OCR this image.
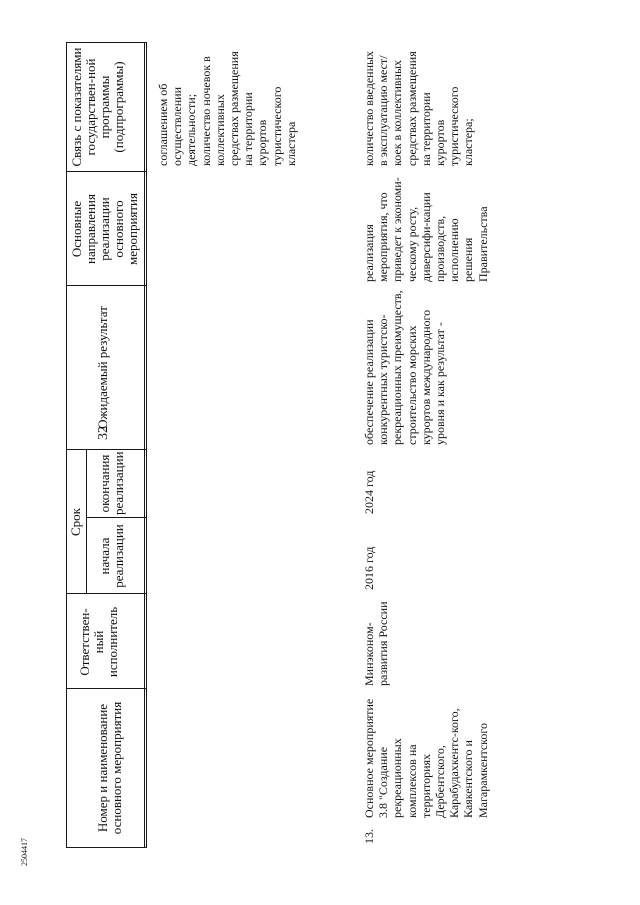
32
2504417
Номер и наименование основного мероприятия
Ответствен-ный исполнитель
Срок
начала реализации
окончания реализации
Ожидаемый результат
Основные направления реализации основного мероприятия
Связь с показателями государствен-ной программы (подпрограммы)	соглашением об осуществлении деятельности; количество ночевок в коллективных средствах размещения на территории курортов туристического кластера
13.
Основное мероприятие 3.8 "Создание рекреационных комплексов на территориях Дербентского, Карабудахкентс-кого, Каякентского и Магарамкентского
Минэконом-развития России
2016 год
2024 год
обеспечение реализации конкурентных туристско-рекреационных преимуществ, строительство морских курортов международного уровня и как результат -
реализация мероприятия, что приведет к экономи-ческому росту, диверсифи-кации производств, исполнению решения Правительства
количество введенных в эксплуатацию мест/коек в коллективных средствах размещения на территории курортов туристического кластера;
